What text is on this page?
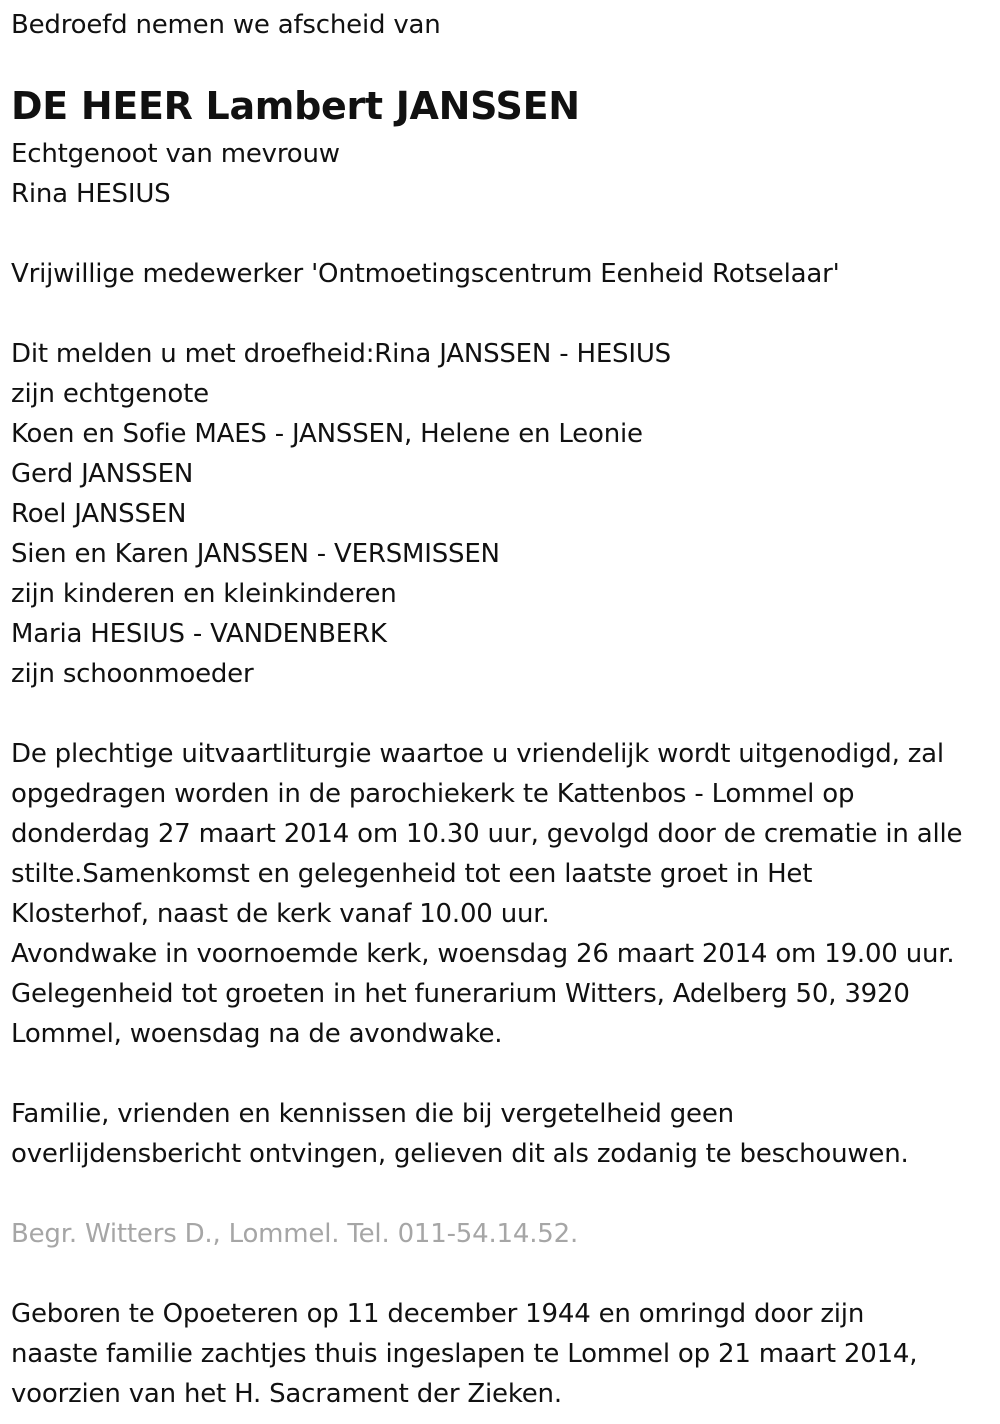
Bedroefd nemen we afscheid van
DE HEER Lambert JANSSEN
Echtgenoot van mevrouw
Rina HESIUS
Vrijwillige medewerker 'Ontmoetingscentrum Eenheid Rotselaar'
Dit melden u met droefheid:Rina JANSSEN - HESIUS
zijn echtgenote
Koen en Sofie MAES - JANSSEN, Helene en Leonie
Gerd JANSSEN
Roel JANSSEN
Sien en Karen JANSSEN - VERSMISSEN
zijn kinderen en kleinkinderen
Maria HESIUS - VANDENBERK
zijn schoonmoeder
De plechtige uitvaartliturgie waartoe u vriendelijk wordt uitgenodigd, zal
opgedragen worden in de parochiekerk te Kattenbos - Lommel op
donderdag 27 maart 2014 om 10.30 uur, gevolgd door de crematie in alle
stilte.Samenkomst en gelegenheid tot een laatste groet in Het
Klosterhof, naast de kerk vanaf 10.00 uur.
Avondwake in voornoemde kerk, woensdag 26 maart 2014 om 19.00 uur.
Gelegenheid tot groeten in het funerarium Witters, Adelberg 50, 3920
Lommel, woensdag na de avondwake.
Familie, vrienden en kennissen die bij vergetelheid geen
overlijdensbericht ontvingen, gelieven dit als zodanig te beschouwen.
Begr. Witters D., Lommel. Tel. 011-54.14.52.
Geboren te Opoeteren op 11 december 1944 en omringd door zijn
naaste familie zachtjes thuis ingeslapen te Lommel op 21 maart 2014,
voorzien van het H. Sacrament der Zieken.
